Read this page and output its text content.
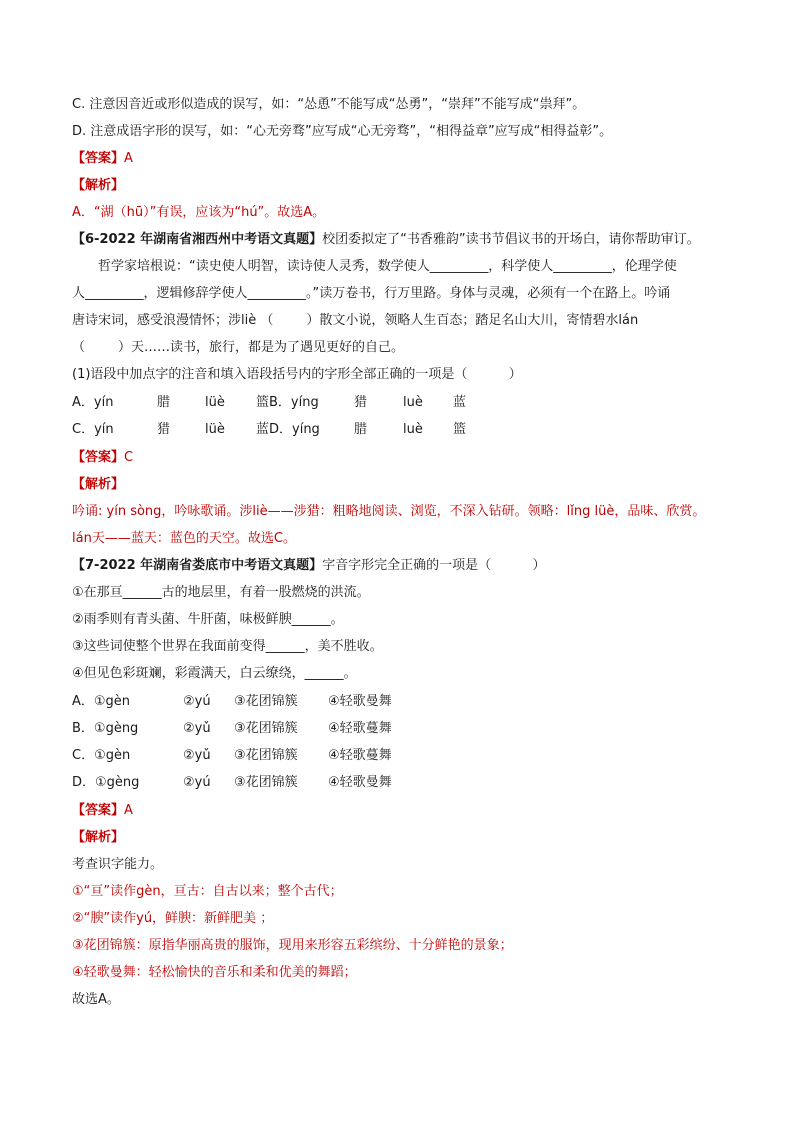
C. 注意因音近或形似造成的误写，如：“怂恿”不能写成“怂勇”，“崇拜”不能写成“祟拜”。
D. 注意成语字形的误写，如：“心无旁骛”应写成“心无旁骛”，“相得益章”应写成“相得益彰”。
【答案】A
【解析】
A．“湖（hū）”有误，应该为“hú”。故选A。
【6-2022 年湖南省湘西州中考语文真题】校团委拟定了“书香雅韵”读书节倡议书的开场白，请你帮助审订。
哲学家培根说：“读史使人明智，读诗使人灵秀，数学使人_________，科学使人_________，伦理学使
人_________，逻辑修辞学使人_________。”读万卷书，行万里路。身体与灵魂，必须有一个在路上。吟诵
唐诗宋词，感受浪漫情怀；涉liè （        ）散文小说，领略人生百态；踏足名山大川，寄情碧水lán
（        ）天……读书，旅行，都是为了遇见更好的自己。
(1)语段中加点字的注音和填入语段括号内的字形全部正确的一项是（          ）
A．yín	腊	lüè 篮B．yíng	猎	luè 蓝
C．yín	猎	lüè 蓝D．yíng	腊	luè 篮
【答案】C
【解析】
吟诵: yín sòng，吟咏歌诵。涉liè——涉猎：粗略地阅读、浏览，不深入钻研。领略：lǐng lüè，品味、欣赏。
lán天——蓝天：蓝色的天空。故选C。
【7-2022 年湖南省娄底市中考语文真题】字音字形完全正确的一项是（          ）
①在那亘______古的地层里，有着一股燃烧的洪流。
②雨季则有青头菌、牛肝菌，味极鲜腴______。
③这些词使整个世界在我面前变得______，美不胜收。
④但见色彩斑斓，彩霞满天，白云缭绕，______。
A．①gèn	②yú ③花团锦簇 ④轻歌曼舞
B．①gèng	②yǔ ③花团锦簇 ④轻歌蔓舞
C．①gèn	②yǔ ③花团锦簇 ④轻歌蔓舞
D．①gèng	②yú ③花团锦簇 ④轻歌曼舞
【答案】A
【解析】
考查识字能力。
①“亘”读作gèn，亘古：自古以来；整个古代；
②“腴”读作yú，鲜腴：新鲜肥美 ；
③花团锦簇：原指华丽高贵的服饰，现用来形容五彩缤纷、十分鲜艳的景象；
④轻歌曼舞：轻松愉快的音乐和柔和优美的舞蹈；
故选A。
